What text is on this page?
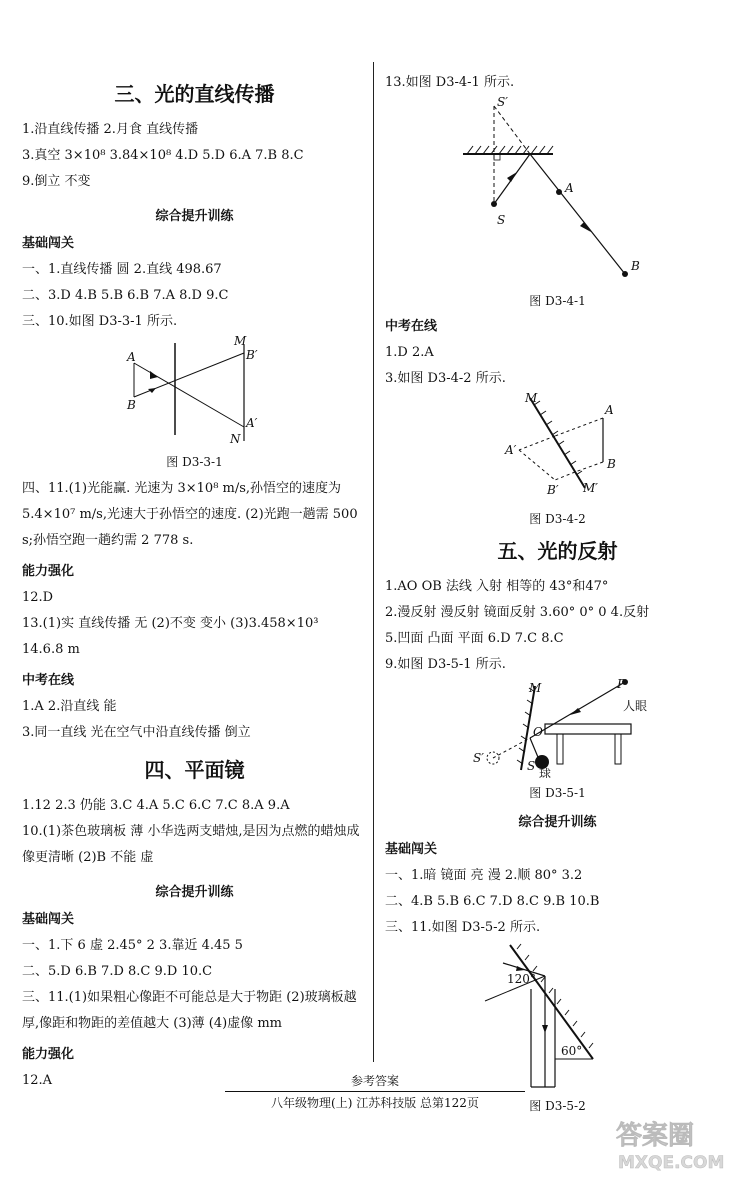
三、光的直线传播
1.沿直线传播 2.月食 直线传播
3.真空 3×10⁸ 3.84×10⁸ 4.D 5.D 6.A 7.B 8.C
9.倒立 不变
综合提升训练
基础闯关
一、1.直线传播 圆 2.直线 498.67
二、3.D 4.B 5.B 6.B 7.A 8.D 9.C
三、10.如图 D3-3-1 所示.
A
B
M
B′
A′
N
图 D3-3-1
四、11.(1)光能赢. 光速为 3×10⁸ m/s,孙悟空的速度为 5.4×10⁷ m/s,光速大于孙悟空的速度. (2)光跑一趟需 500 s;孙悟空跑一趟约需 2 778 s.
能力强化
12.D
13.(1)实 直线传播 无 (2)不变 变小 (3)3.458×10³
14.6.8 m
中考在线
1.A 2.沿直线 能
3.同一直线 光在空气中沿直线传播 倒立
四、平面镜
1.12 2.3 仍能 3.C 4.A 5.C 6.C 7.C 8.A 9.A
10.(1)茶色玻璃板 薄 小华选两支蜡烛,是因为点燃的蜡烛成像更清晰 (2)B 不能 虚
综合提升训练
基础闯关
一、1.下 6 虚 2.45° 2 3.靠近 4.45 5
二、5.D 6.B 7.D 8.C 9.D 10.C
三、11.(1)如果粗心像距不可能总是大于物距 (2)玻璃板越厚,像距和物距的差值越大 (3)薄 (4)虚像 mm
能力强化
12.A
13.如图 D3-4-1 所示.
S′
S
A
B
图 D3-4-1
中考在线
1.D 2.A
3.如图 D3-4-2 所示.
M
A
A′
B
B′ M′
图 D3-4-2
五、光的反射
1.AO OB 法线 入射 相等的 43°和47°
2.漫反射 漫反射 镜面反射 3.60° 0° 0 4.反射
5.凹面 凸面 平面 6.D 7.C 8.C
9.如图 D3-5-1 所示.
M	P
人眼
O
S′
S
球
图 D3-5-1
综合提升训练
基础闯关
一、1.暗 镜面 亮 漫 2.顺 80° 3.2
二、4.B 5.B 6.C 7.D 8.C 9.B 10.B
三、11.如图 D3-5-2 所示.
120°
60°
图 D3-5-2
参考答案
八年级物理(上) 江苏科技版 总第122页
答案圈
MXQE.COM
